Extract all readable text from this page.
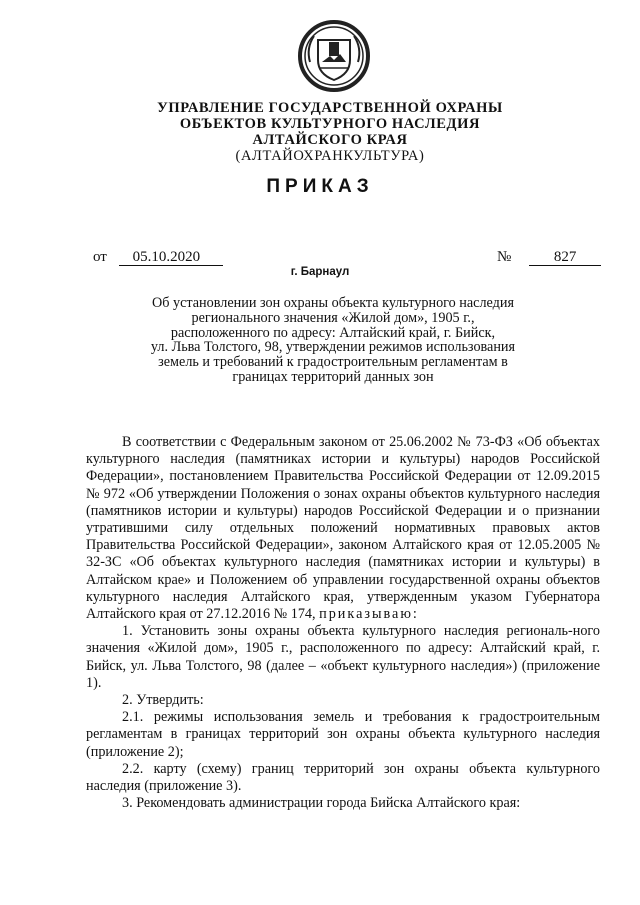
УПРАВЛЕНИЕ ГОСУДАРСТВЕННОЙ ОХРАНЫ
ОБЪЕКТОВ КУЛЬТУРНОГО НАСЛЕДИЯ
АЛТАЙСКОГО КРАЯ
(АЛТАЙОХРАНКУЛЬТУРА)
ПРИКАЗ
от 05.10.2020	№	827
г. Барнаул
Об установлении зон охраны объекта культурного наследия
регионального значения «Жилой дом», 1905 г.,
расположенного по адресу: Алтайский край, г. Бийск,
ул. Льва Толстого, 98, утверждении режимов использования
земель и требований к градостроительным регламентам в
границах территорий данных зон

В соответствии с Федеральным законом от 25.06.2002 № 73-ФЗ «Об объектах культурного наследия (памятниках истории и культуры) народов Российской Федерации», постановлением Правительства Российской Федерации от 12.09.2015 № 972 «Об утверждении Положения о зонах охраны объектов культурного наследия (памятников истории и культуры) народов Российской Федерации и о признании утратившими силу отдельных положений нормативных правовых актов Правительства Российской Федерации», законом Алтайского края от 12.05.2005 № 32-ЗС «Об объектах культурного наследия (памятниках истории и культуры) в Алтайском крае» и Положением об управлении государственной охраны объектов культурного наследия Алтайского края, утвержденным указом Губернатора Алтайского края от 27.12.2016 № 174, приказываю:

1. Установить зоны охраны объекта культурного наследия региональ-ного значения «Жилой дом», 1905 г., расположенного по адресу: Алтайский край, г. Бийск, ул. Льва Толстого, 98 (далее – «объект культурного наследия») (приложение 1).

2. Утвердить:

2.1. режимы использования земель и требования к градостроительным регламентам в границах территорий зон охраны объекта культурного наследия (приложение 2);

2.2. карту (схему) границ территорий зон охраны объекта культурного наследия (приложение 3).

3. Рекомендовать администрации города Бийска Алтайского края:
